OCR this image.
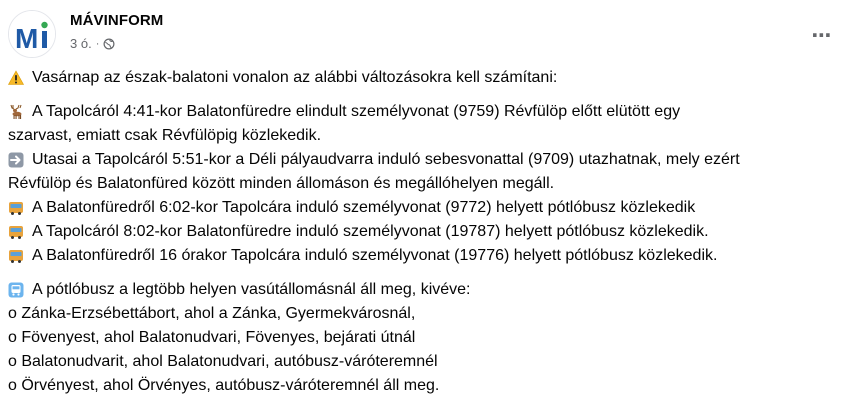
M
MÁVINFORM
3 ó. ·	⋯
Vasárnap az észak-balatoni vonalon az alábbi változásokra kell számítani:
A Tapolcáról 4:41-kor Balatonfüredre elindult személyvonat (9759) Révfülöp előtt elütött egy
szarvast, emiatt csak Révfülöpig közlekedik.
Utasai a Tapolcáról 5:51-kor a Déli pályaudvarra induló sebesvonattal (9709) utazhatnak, mely ezért
Révfülöp és Balatonfüred között minden állomáson és megállóhelyen megáll.
A Balatonfüredről 6:02-kor Tapolcára induló személyvonat (9772) helyett pótlóbusz közlekedik
A Tapolcáról 8:02-kor Balatonfüredre induló személyvonat (19787) helyett pótlóbusz közlekedik.
A Balatonfüredről 16 órakor Tapolcára induló személyvonat (19776) helyett pótlóbusz közlekedik.
A pótlóbusz a legtöbb helyen vasútállomásnál áll meg, kivéve:
o Zánka-Erzsébettábort, ahol a Zánka, Gyermekvárosnál,
o Fövenyest, ahol Balatonudvari, Fövenyes, bejárati útnál
o Balatonudvarit, ahol Balatonudvari, autóbusz-váróteremnél
o Örvényest, ahol Örvényes, autóbusz-váróteremnél áll meg.
